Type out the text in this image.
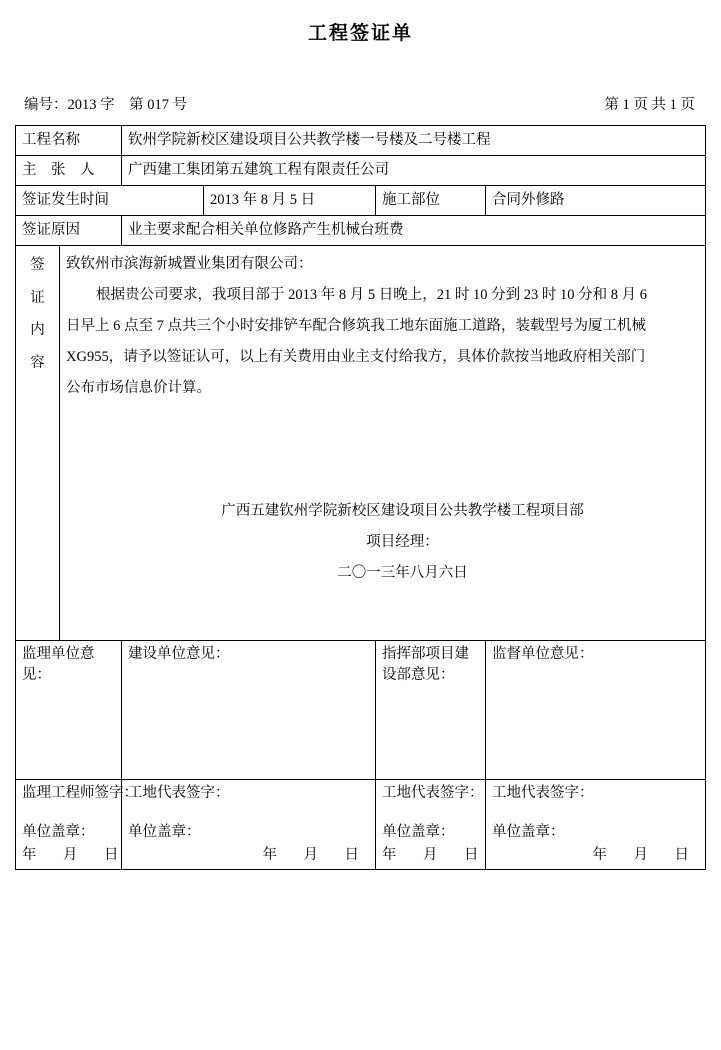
工程签证单
编号：2013 字　第 017 号	第 1 页 共 1 页
工程名称		钦州学院新校区建设项目公共教学楼一号楼及二号楼工程			
主　张　人		广西建工集团第五建筑工程有限责任公司			
签证发生时间			2013 年 8 月 5 日	施工部位	合同外修路
签证原因		业主要求配合相关单位修路产生机械台班费			

签
证
内
容

致钦州市滨海新城置业集团有限公司：
根据贵公司要求，我项目部于 2013 年 8 月 5 日晚上，21 时 10 分到 23 时 10 分和 8 月 6
日早上 6 点至 7 点共三个小时安排铲车配合修筑我工地东面施工道路，装载型号为厦工机械
XG955，请予以签证认可，以上有关费用由业主支付给我方，具体价款按当地政府相关部门
公布市场信息价计算。
广西五建钦州学院新校区建设项目公共教学楼工程项目部
项目经理：
二〇一三年八月六日

监理单位意见：		建设单位意见：		指挥部项目建设部意见：	监督单位意见：

监理工程师签字：
单位盖章：
年　月　日

工地代表签字：
单位盖章：
年　月　日

工地代表签字：
单位盖章：
年　月　日

工地代表签字：
单位盖章：
年　月　日
